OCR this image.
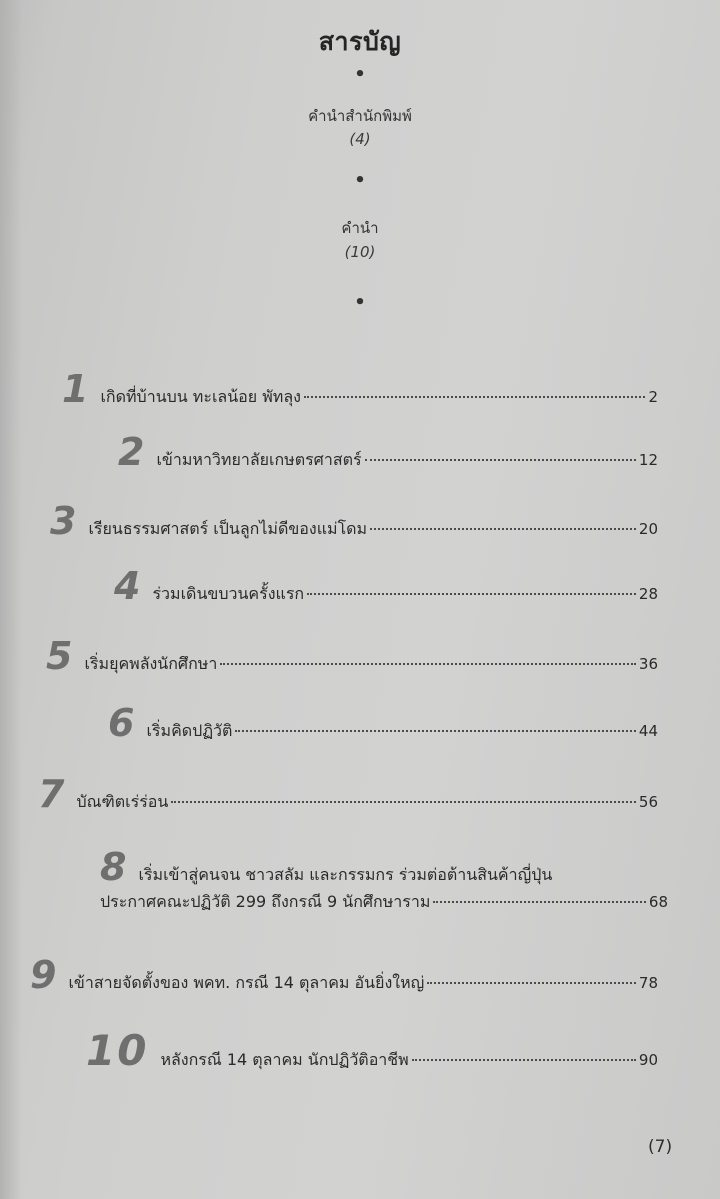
สารบัญ
•
คำนำสำนักพิมพ์
(4)
•
คำนำ
(10)
•
1 เกิดที่บ้านบน ทะเลน้อย พัทลุง	2
2 เข้ามหาวิทยาลัยเกษตรศาสตร์	12
3 เรียนธรรมศาสตร์ เป็นลูกไม่ดีของแม่โดม	20
4 ร่วมเดินขบวนครั้งแรก	28
5 เริ่มยุคพลังนักศึกษา	36
6 เริ่มคิดปฏิวัติ	44
7 บัณฑิตเร่ร่อน	56
8 เริ่มเข้าสู่คนจน ชาวสลัม และกรรมกร ร่วมต่อต้านสินค้าญี่ปุ่น
ประกาศคณะปฏิวัติ 299 ถึงกรณี 9 นักศึกษาราม	68
9 เข้าสายจัดตั้งของ พคท. กรณี 14 ตุลาคม อันยิ่งใหญ่	78
10 หลังกรณี 14 ตุลาคม นักปฏิวัติอาชีพ	90
(7)
